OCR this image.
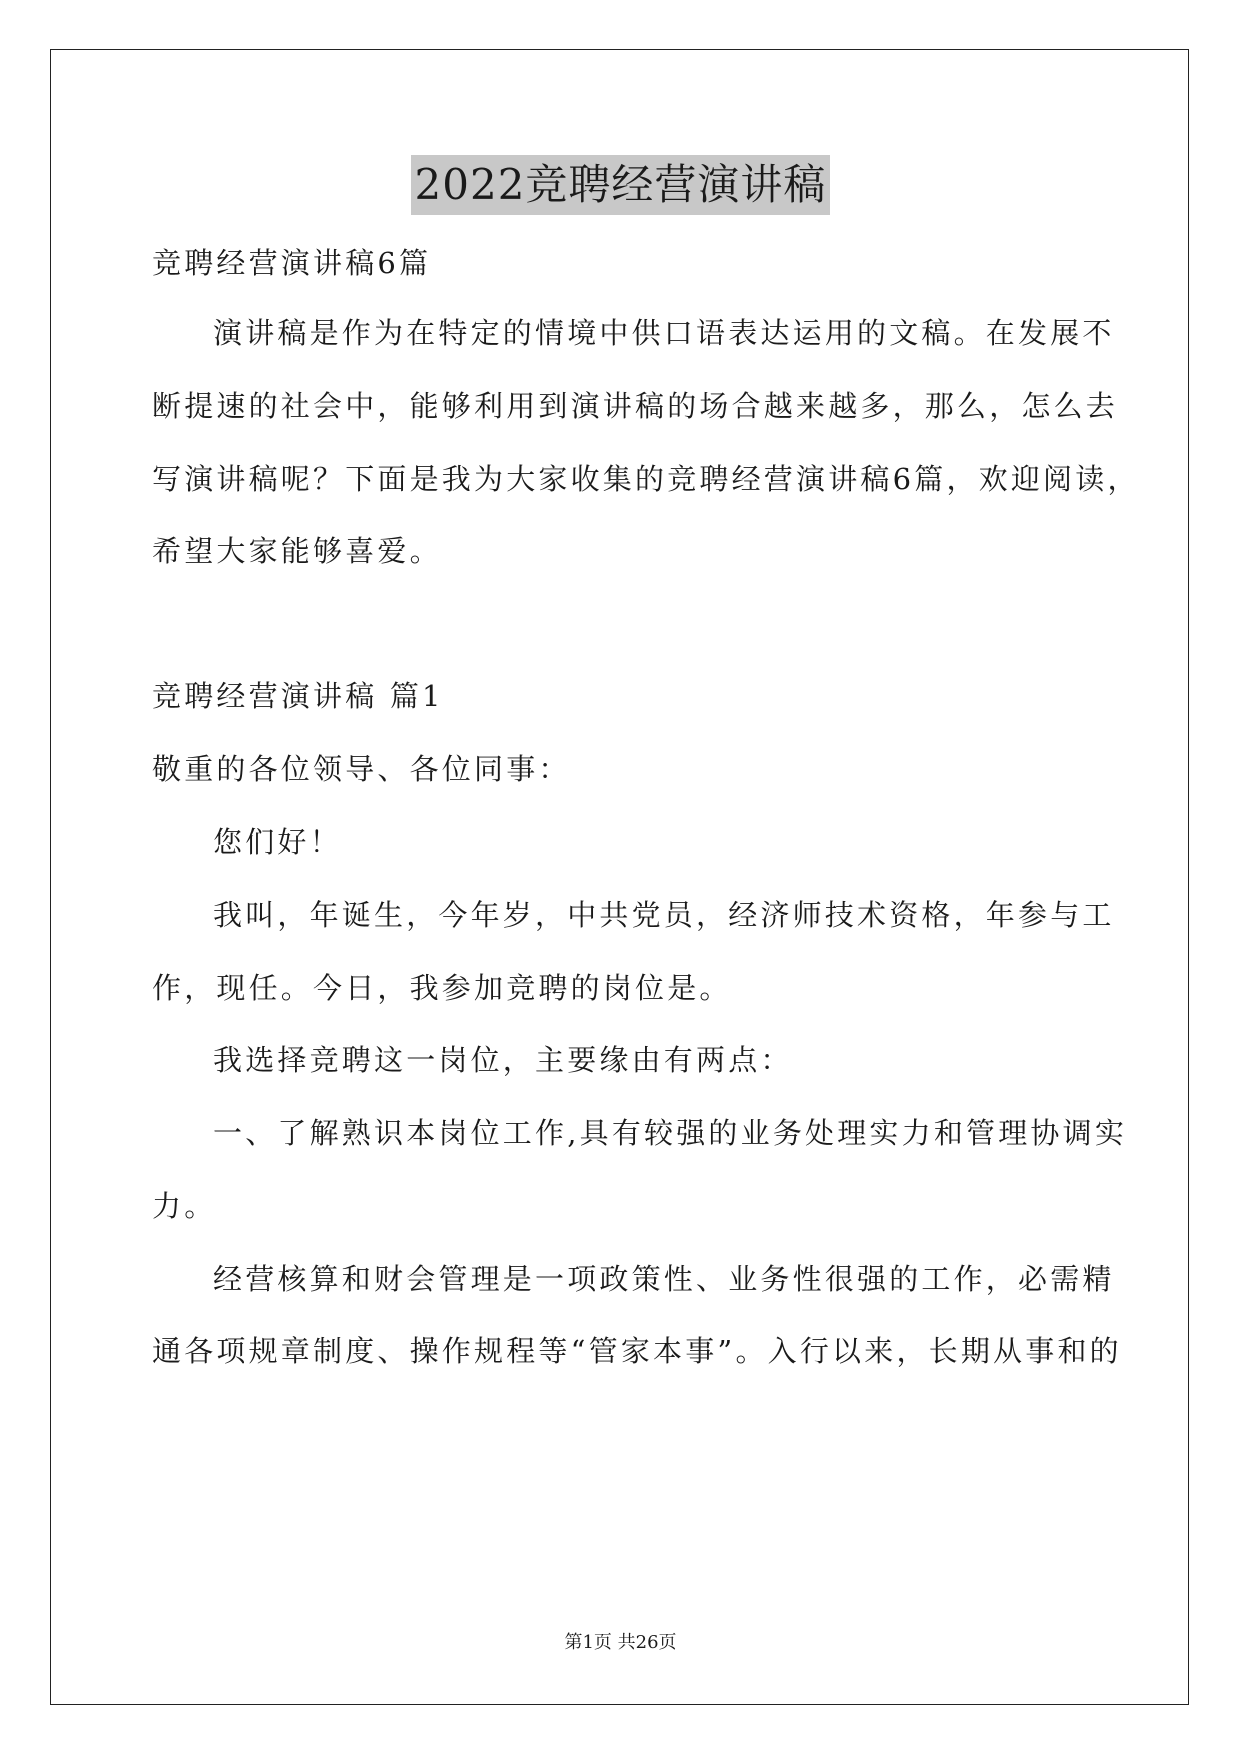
2022竞聘经营演讲稿
竞聘经营演讲稿6篇
演讲稿是作为在特定的情境中供口语表达运用的文稿。在发展不
断提速的社会中，能够利用到演讲稿的场合越来越多，那么，怎么去
写演讲稿呢？下面是我为大家收集的竞聘经营演讲稿6篇，欢迎阅读，
希望大家能够喜爱。
竞聘经营演讲稿 篇1
敬重的各位领导、各位同事：
您们好！
我叫，年诞生，今年岁，中共党员，经济师技术资格，年参与工
作，现任。今日，我参加竞聘的岗位是。
我选择竞聘这一岗位，主要缘由有两点：
一、了解熟识本岗位工作,具有较强的业务处理实力和管理协调实
力。
经营核算和财会管理是一项政策性、业务性很强的工作，必需精
通各项规章制度、操作规程等“管家本事”。入行以来，长期从事和的
第1页 共26页
